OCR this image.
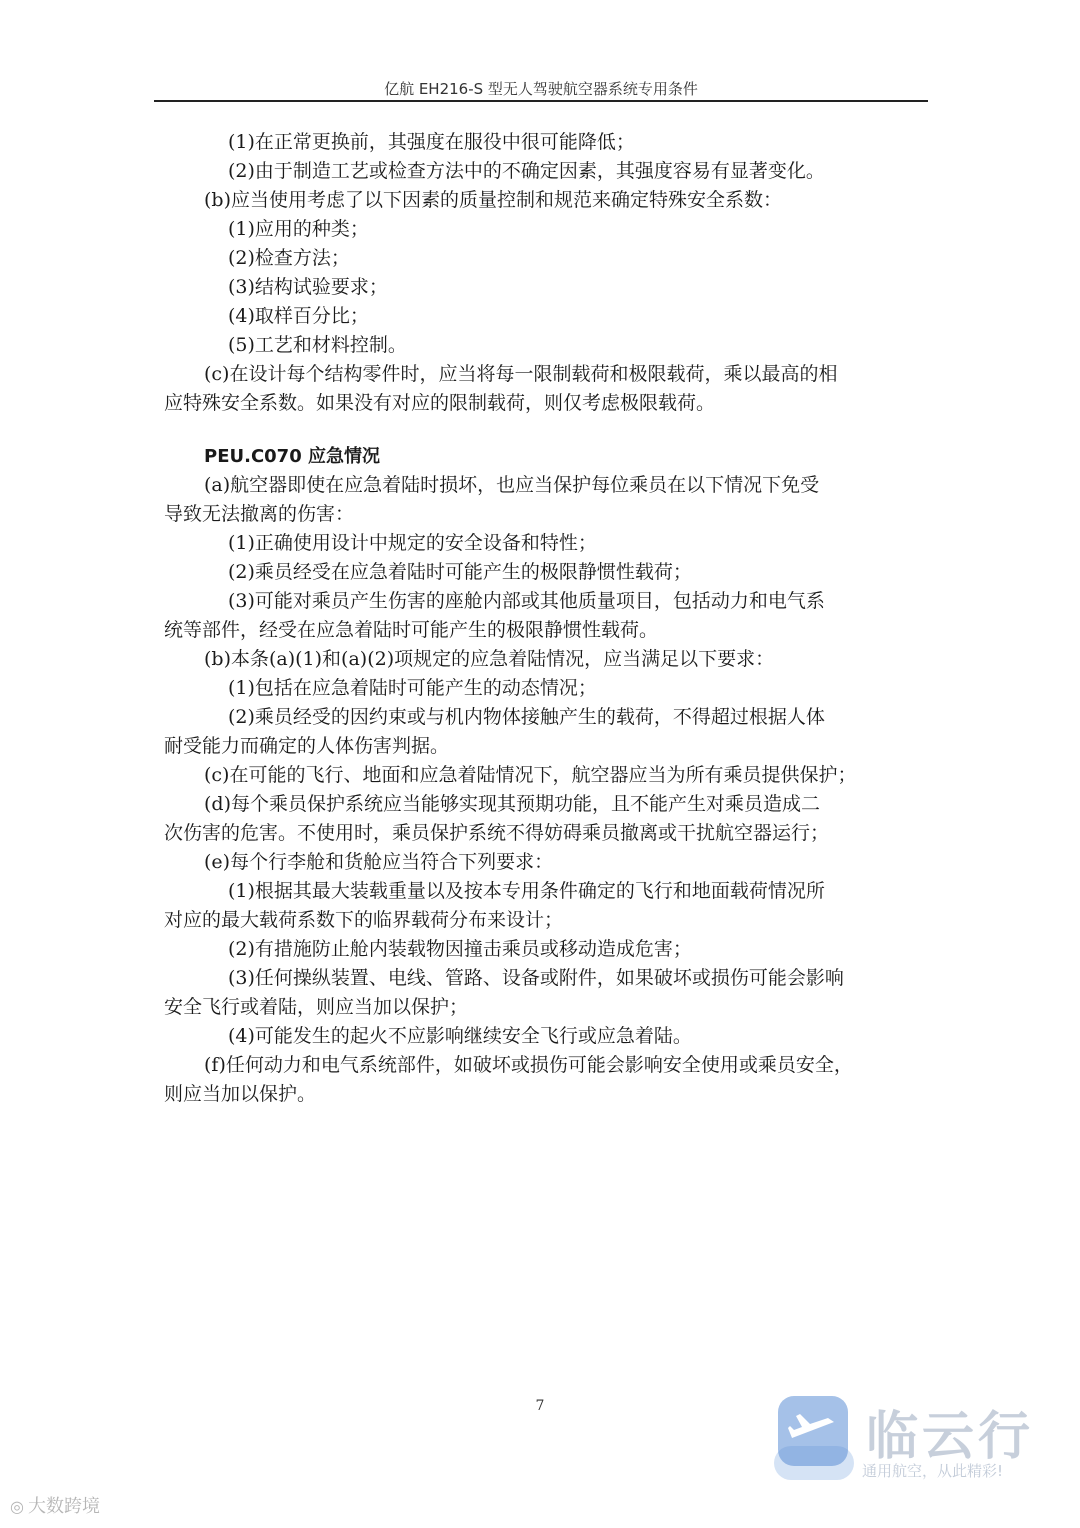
亿航 EH216-S 型无人驾驶航空器系统专用条件
(1)在正常更换前，其强度在服役中很可能降低；
(2)由于制造工艺或检查方法中的不确定因素，其强度容易有显著变化。
(b)应当使用考虑了以下因素的质量控制和规范来确定特殊安全系数：
(1)应用的种类；
(2)检查方法；
(3)结构试验要求；
(4)取样百分比；
(5)工艺和材料控制。
(c)在设计每个结构零件时，应当将每一限制载荷和极限载荷，乘以最高的相
应特殊安全系数。如果没有对应的限制载荷，则仅考虑极限载荷。
PEU.C070 应急情况
(a)航空器即使在应急着陆时损坏，也应当保护每位乘员在以下情况下免受
导致无法撤离的伤害：
(1)正确使用设计中规定的安全设备和特性；
(2)乘员经受在应急着陆时可能产生的极限静惯性载荷；
(3)可能对乘员产生伤害的座舱内部或其他质量项目，包括动力和电气系
统等部件，经受在应急着陆时可能产生的极限静惯性载荷。
(b)本条(a)(1)和(a)(2)项规定的应急着陆情况，应当满足以下要求：
(1)包括在应急着陆时可能产生的动态情况；
(2)乘员经受的因约束或与机内物体接触产生的载荷，不得超过根据人体
耐受能力而确定的人体伤害判据。
(c)在可能的飞行、地面和应急着陆情况下，航空器应当为所有乘员提供保护；
(d)每个乘员保护系统应当能够实现其预期功能，且不能产生对乘员造成二
次伤害的危害。不使用时，乘员保护系统不得妨碍乘员撤离或干扰航空器运行；
(e)每个行李舱和货舱应当符合下列要求：
(1)根据其最大装载重量以及按本专用条件确定的飞行和地面载荷情况所
对应的最大载荷系数下的临界载荷分布来设计；
(2)有措施防止舱内装载物因撞击乘员或移动造成危害；
(3)任何操纵装置、电线、管路、设备或附件，如果破坏或损伤可能会影响
安全飞行或着陆，则应当加以保护；
(4)可能发生的起火不应影响继续安全飞行或应急着陆。
(f)任何动力和电气系统部件，如破坏或损伤可能会影响安全使用或乘员安全，
则应当加以保护。
7
临云行
通用航空，从此精彩!
◎ 大数跨境
